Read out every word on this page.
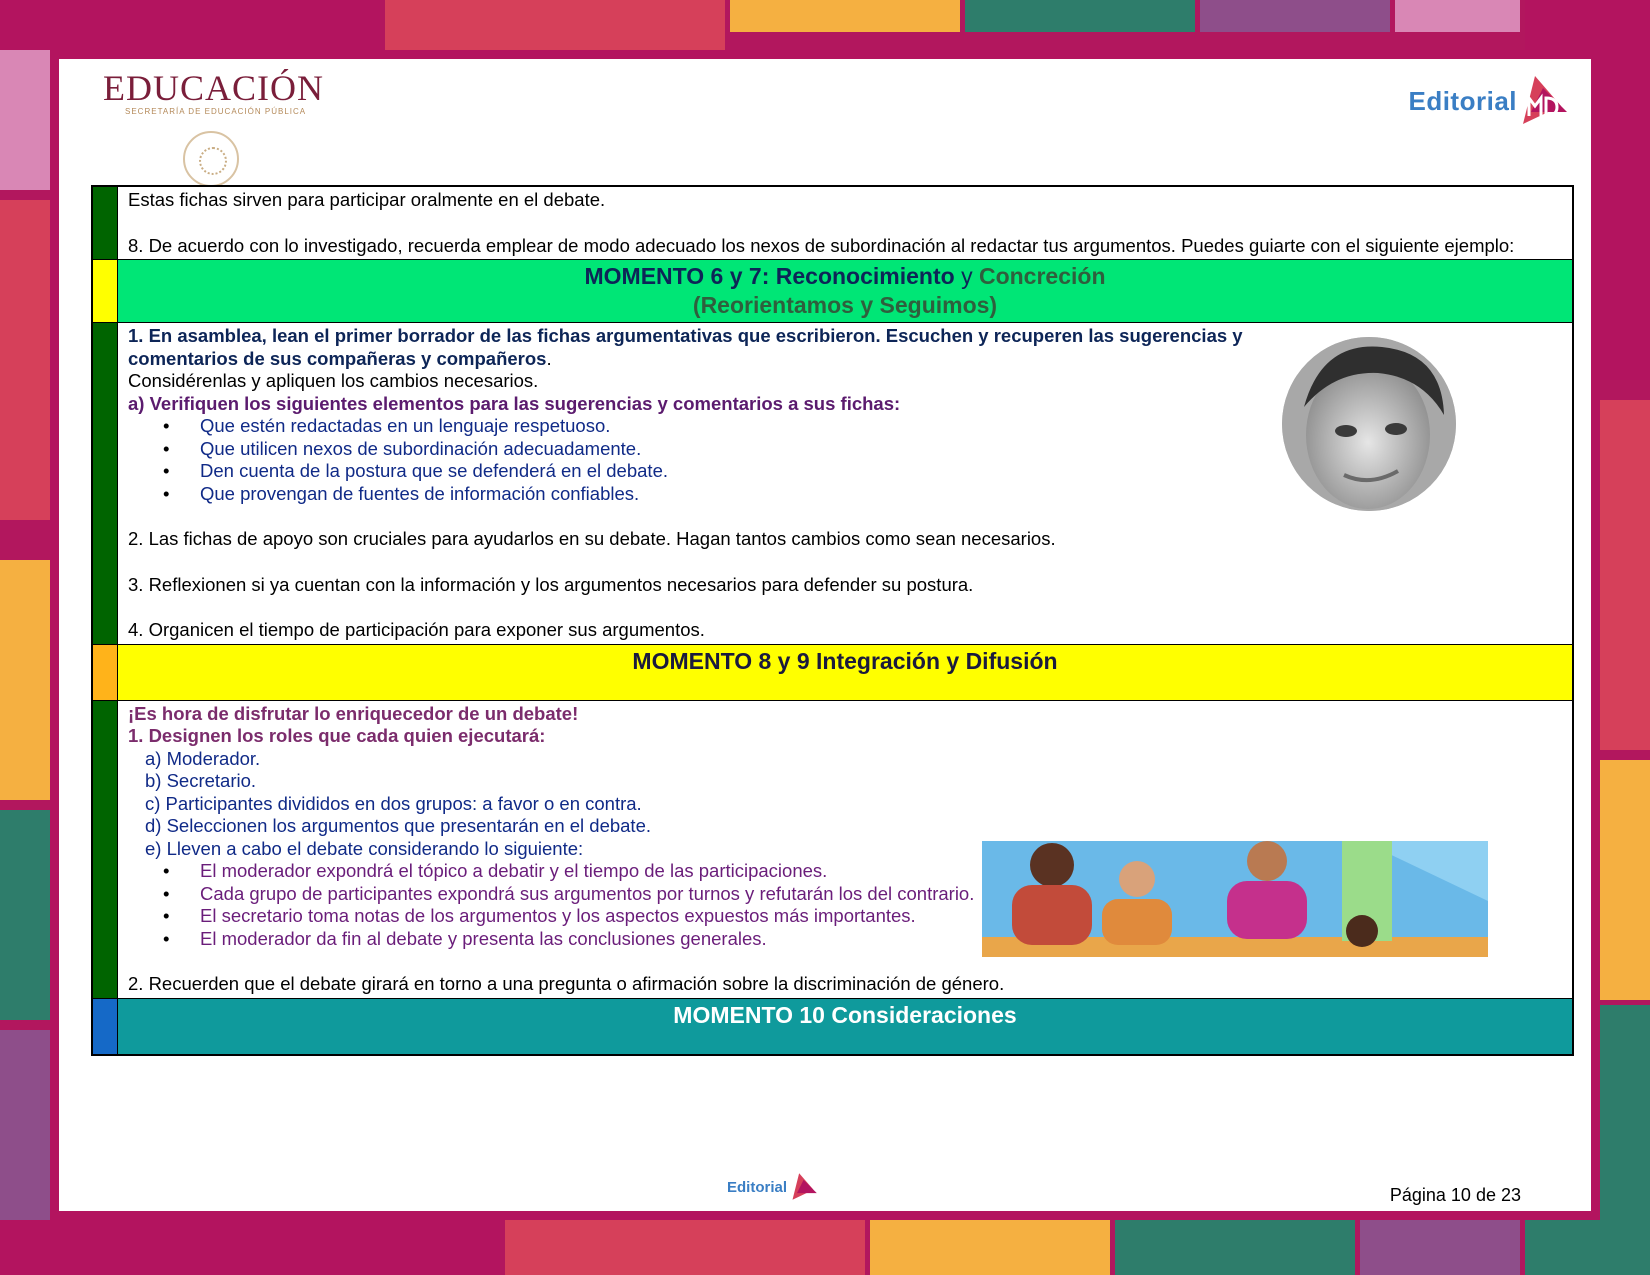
EDUCACIÓN
SECRETARÍA DE EDUCACIÓN PÚBLICA	Editorial
Estas fichas sirven para participar oralmente en el debate.
8. De acuerdo con lo investigado, recuerda emplear de modo adecuado los nexos de subordinación al redactar tus argumentos. Puedes guiarte con el siguiente ejemplo:
MOMENTO 6 y 7: Reconocimiento y Concreción
(Reorientamos y Seguimos)
1. En asamblea, lean el primer borrador de las fichas argumentativas que escribieron. Escuchen y recuperen las sugerencias y comentarios de sus compañeras y compañeros.
Considérenlas y apliquen los cambios necesarios.
a) Verifiquen los siguientes elementos para las sugerencias y comentarios a sus fichas:
• Que estén redactadas en un lenguaje respetuoso.
• Que utilicen nexos de subordinación adecuadamente.
• Den cuenta de la postura que se defenderá en el debate.
• Que provengan de fuentes de información confiables.
2. Las fichas de apoyo son cruciales para ayudarlos en su debate. Hagan tantos cambios como sean necesarios.
3. Reflexionen si ya cuentan con la información y los argumentos necesarios para defender su postura.
4. Organicen el tiempo de participación para exponer sus argumentos.
MOMENTO 8 y 9 Integración y Difusión
¡Es hora de disfrutar lo enriquecedor de un debate!
1. Designen los roles que cada quien ejecutará:
a) Moderador.
b) Secretario.
c) Participantes divididos en dos grupos: a favor o en contra.
d) Seleccionen los argumentos que presentarán en el debate.
e) Lleven a cabo el debate considerando lo siguiente:
• El moderador expondrá el tópico a debatir y el tiempo de las participaciones.
• Cada grupo de participantes expondrá sus argumentos por turnos y refutarán los del contrario.
• El secretario toma notas de los argumentos y los aspectos expuestos más importantes.
• El moderador da fin al debate y presenta las conclusiones generales.
2. Recuerden que el debate girará en torno a una pregunta o afirmación sobre la discriminación de género.
MOMENTO 10 Consideraciones
Editorial	Página 10 de 23
